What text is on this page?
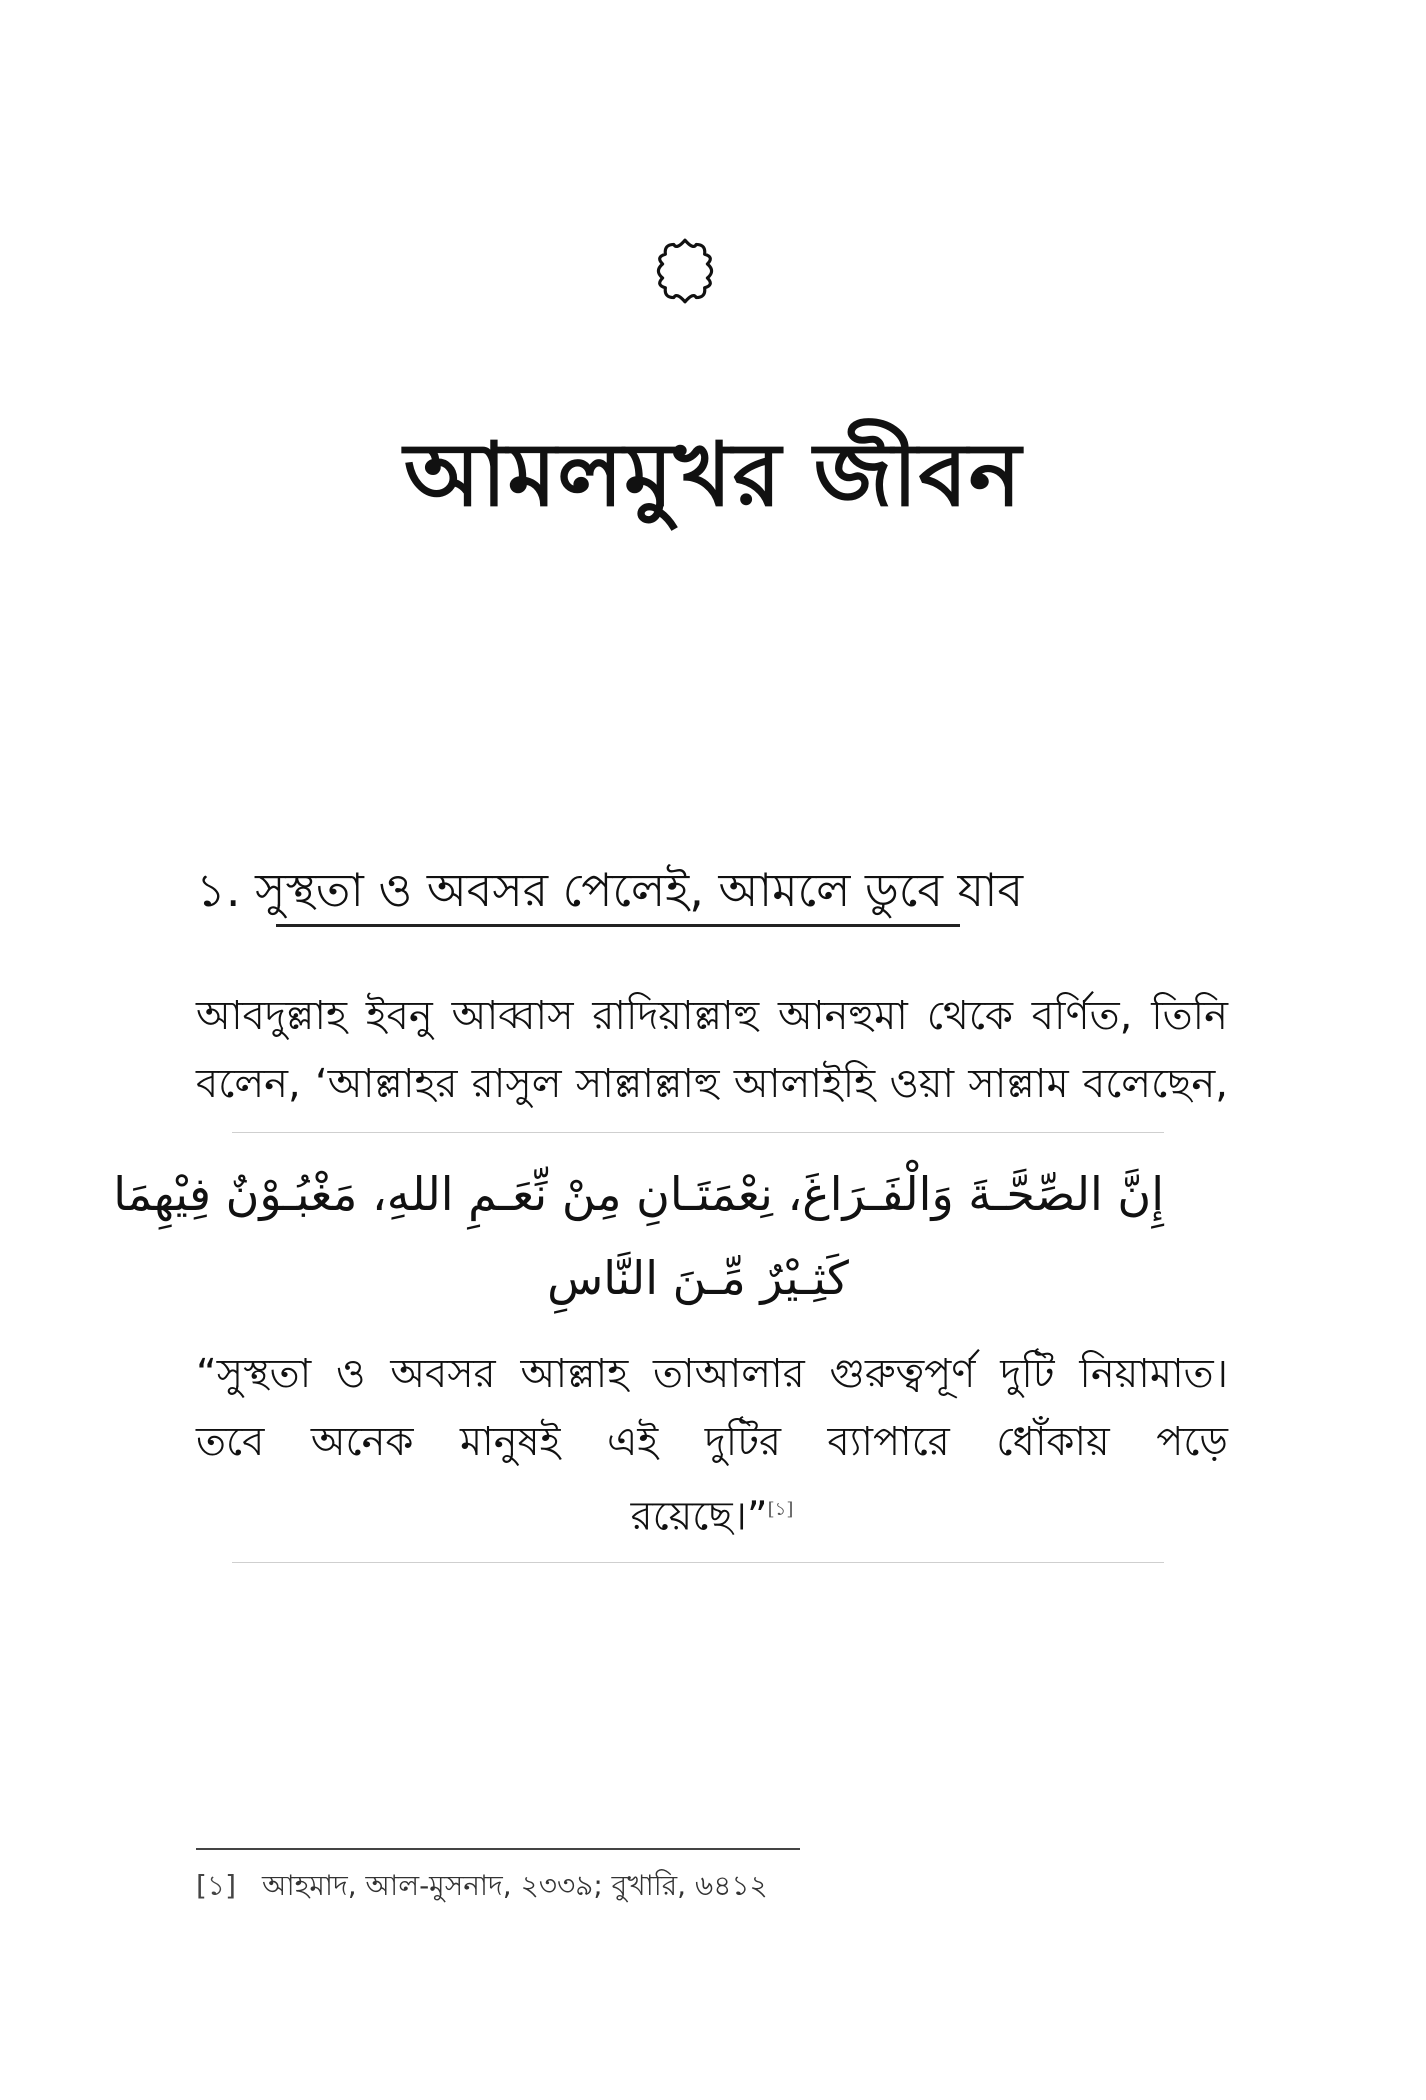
আমলমুখর জীবন
১. সুস্থতা ও অবসর পেলেই, আমলে ডুবে যাব
আবদুল্লাহ ইবনু আব্বাস রাদিয়াল্লাহু আনহুমা থেকে বর্ণিত, তিনি
বলেন, ‘আল্লাহর রাসুল সাল্লাল্লাহু আলাইহি ওয়া সাল্লাম বলেছেন,
إِنَّ الصِّحَّـةَ وَالْفَـرَاغَ، نِعْمَتَـانِ مِنْ نِّعَـمِ اللهِ، مَغْبُـوْنٌ فِيْهِمَا
كَثِـيْرٌ مِّـنَ النَّاسِ
“সুস্থতা ও অবসর আল্লাহ তাআলার গুরুত্বপূর্ণ দুটি নিয়ামাত।
তবে অনেক মানুষই এই দুটির ব্যাপারে ধোঁকায় পড়ে
রয়েছে।”[১]
[১] আহমাদ, আল-মুসনাদ, ২৩৩৯; বুখারি, ৬৪১২
